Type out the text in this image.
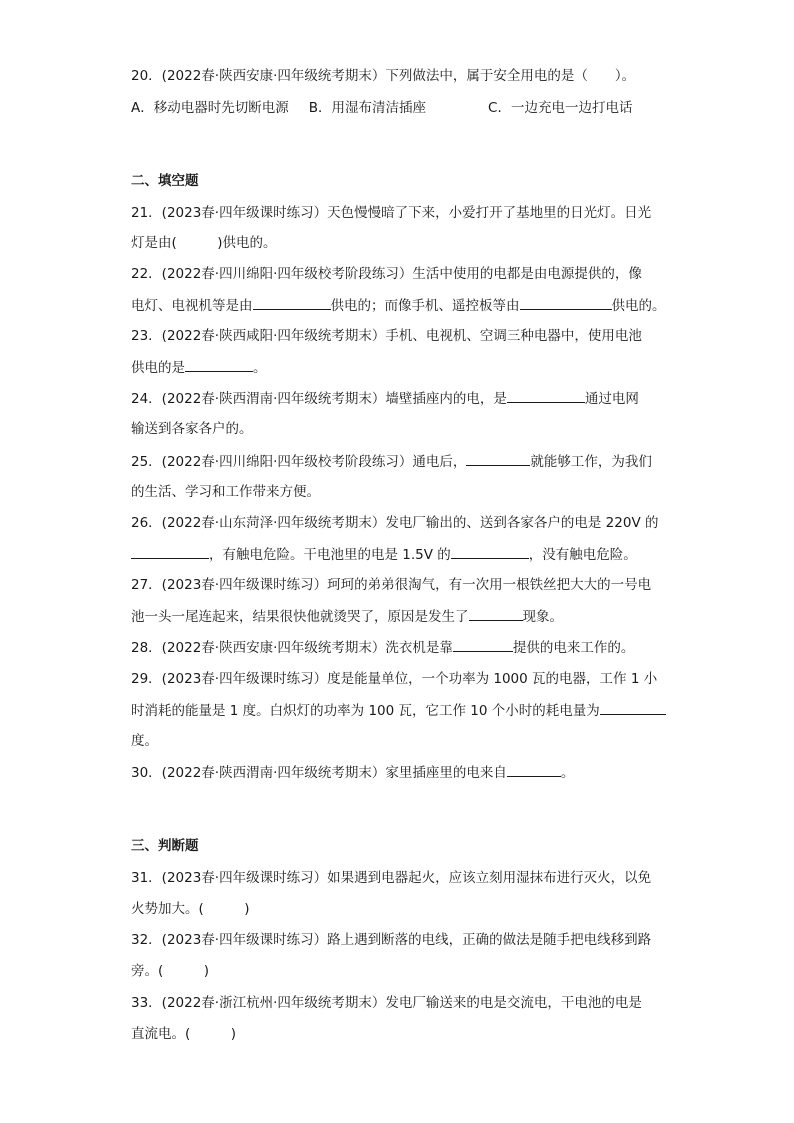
20．(2022春·陕西安康·四年级统考期末）下列做法中，属于安全用电的是（　　）。

A．移动电器时先切断电源 B．用湿布清洁插座	C．一边充电一边打电话

二、填空题

21．(2023春·四年级课时练习）天色慢慢暗了下来，小爱打开了基地里的日光灯。日光

灯是由(　　　)供电的。

22．(2022春·四川绵阳·四年级校考阶段练习）生活中使用的电都是由电源提供的，像

电灯、电视机等是由	供电的；而像手机、遥控板等由	供电的。

23．(2022春·陕西咸阳·四年级统考期末）手机、电视机、空调三种电器中，使用电池

供电的是	。

24．(2022春·陕西渭南·四年级统考期末）墙壁插座内的电，是	通过电网

输送到各家各户的。

25．(2022春·四川绵阳·四年级校考阶段练习）通电后，	就能够工作，为我们

的生活、学习和工作带来方便。

26．(2022春·山东菏泽·四年级统考期末）发电厂输出的、送到各家各户的电是 220V 的

，有触电危险。干电池里的电是 1.5V 的	，没有触电危险。

27．(2023春·四年级课时练习）珂珂的弟弟很淘气，有一次用一根铁丝把大大的一号电

池一头一尾连起来，结果很快他就烫哭了，原因是发生了	现象。

28．(2022春·陕西安康·四年级统考期末）洗衣机是靠	提供的电来工作的。

29．(2023春·四年级课时练习）度是能量单位，一个功率为 1000 瓦的电器，工作 1 小

时消耗的能量是 1 度。白炽灯的功率为 100 瓦，它工作 10 个小时的耗电量为

度。

30．(2022春·陕西渭南·四年级统考期末）家里插座里的电来自	。

三、判断题

31．(2023春·四年级课时练习）如果遇到电器起火，应该立刻用湿抹布进行灭火，以免

火势加大。(　　　)

32．(2023春·四年级课时练习）路上遇到断落的电线，正确的做法是随手把电线移到路

旁。(　　　)

33．(2022春·浙江杭州·四年级统考期末）发电厂输送来的电是交流电，干电池的电是

直流电。(　　　)
